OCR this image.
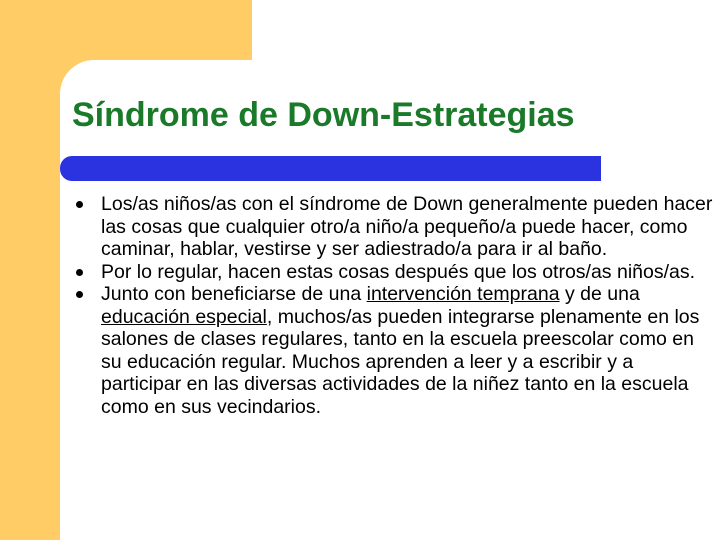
Síndrome de Down-Estrategias
Los/as niños/as con el síndrome de Down generalmente pueden hacer las cosas que cualquier otro/a niño/a pequeño/a puede hacer, como caminar, hablar, vestirse y ser adiestrado/a para ir al baño.
Por lo regular, hacen estas cosas después que los otros/as niños/as.
Junto con beneficiarse de una intervención temprana y de una educación especial, muchos/as pueden integrarse plenamente en los salones de clases regulares, tanto en la escuela preescolar como en su educación regular. Muchos aprenden a leer y a escribir y a participar en las diversas actividades de la niñez tanto en la escuela como en sus vecindarios.
